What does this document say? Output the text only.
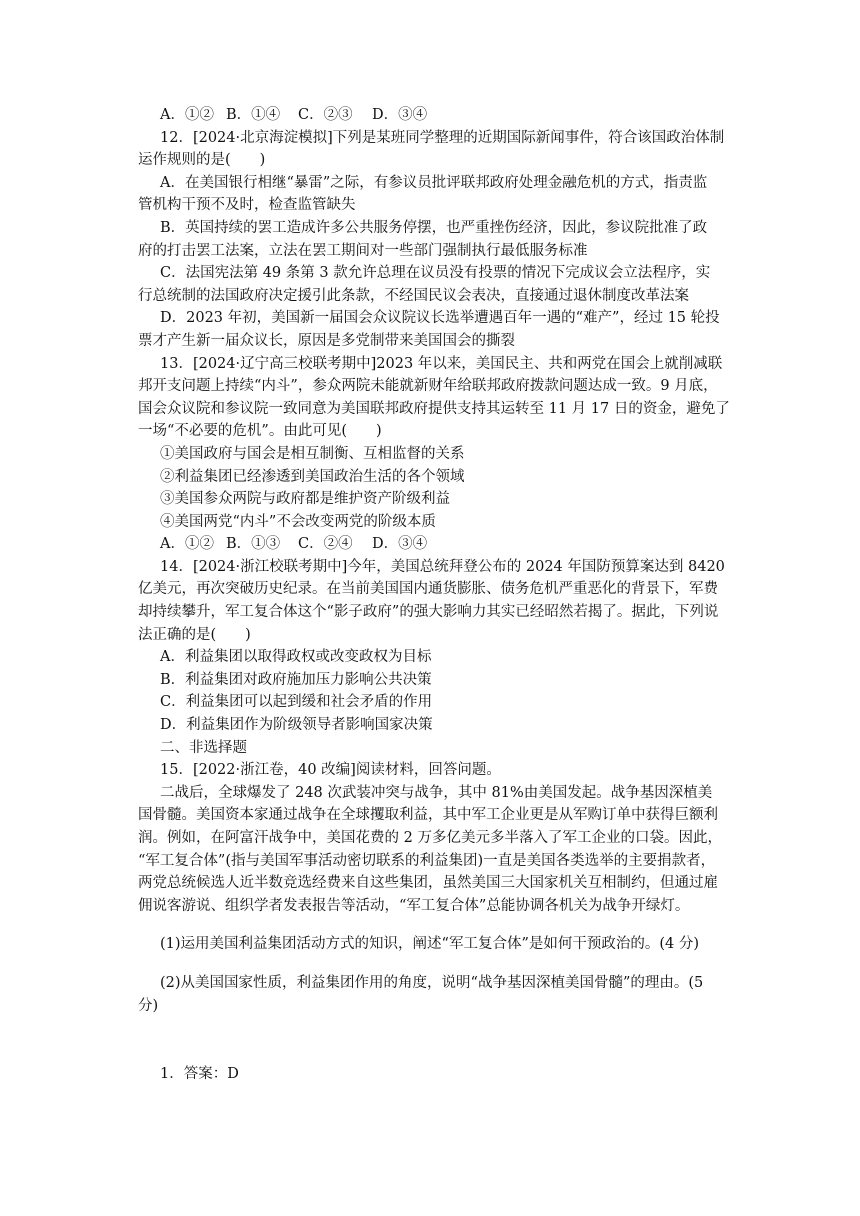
A．①② B．①④ C．②③ D．③④
12．[2024·北京海淀模拟]下列是某班同学整理的近期国际新闻事件，符合该国政治体制
运作规则的是(　　)
A．在美国银行相继“暴雷”之际，有参议员批评联邦政府处理金融危机的方式，指责监
管机构干预不及时，检查监管缺失
B．英国持续的罢工造成许多公共服务停摆，也严重挫伤经济，因此，参议院批准了政
府的打击罢工法案，立法在罢工期间对一些部门强制执行最低服务标准
C．法国宪法第 49 条第 3 款允许总理在议员没有投票的情况下完成议会立法程序，实
行总统制的法国政府决定援引此条款，不经国民议会表决，直接通过退休制度改革法案
D．2023 年初，美国新一届国会众议院议长选举遭遇百年一遇的“难产”，经过 15 轮投
票才产生新一届众议长，原因是多党制带来美国国会的撕裂
13．[2024·辽宁高三校联考期中]2023 年以来，美国民主、共和两党在国会上就削减联
邦开支问题上持续“内斗”，参众两院未能就新财年给联邦政府拨款问题达成一致。9 月底，
国会众议院和参议院一致同意为美国联邦政府提供支持其运转至 11 月 17 日的资金，避免了
一场“不必要的危机”。由此可见(　　)
①美国政府与国会是相互制衡、互相监督的关系
②利益集团已经渗透到美国政治生活的各个领域
③美国参众两院与政府都是维护资产阶级利益
④美国两党“内斗”不会改变两党的阶级本质
A．①② B．①③ C．②④ D．③④
14．[2024·浙江校联考期中]今年，美国总统拜登公布的 2024 年国防预算案达到 8420
亿美元，再次突破历史纪录。在当前美国国内通货膨胀、债务危机严重恶化的背景下，军费
却持续攀升，军工复合体这个“影子政府”的强大影响力其实已经昭然若揭了。据此，下列说
法正确的是(　　)
A．利益集团以取得政权或改变政权为目标
B．利益集团对政府施加压力影响公共决策
C．利益集团可以起到缓和社会矛盾的作用
D．利益集团作为阶级领导者影响国家决策
二、非选择题
15．[2022·浙江卷，40 改编]阅读材料，回答问题。
二战后，全球爆发了 248 次武装冲突与战争，其中 81%由美国发起。战争基因深植美
国骨髓。美国资本家通过战争在全球攫取利益，其中军工企业更是从军购订单中获得巨额利
润。例如，在阿富汗战争中，美国花费的 2 万多亿美元多半落入了军工企业的口袋。因此，
“军工复合体”(指与美国军事活动密切联系的利益集团)一直是美国各类选举的主要捐款者，
两党总统候选人近半数竞选经费来自这些集团，虽然美国三大国家机关互相制约，但通过雇
佣说客游说、组织学者发表报告等活动，“军工复合体”总能协调各机关为战争开绿灯。
(1)运用美国利益集团活动方式的知识，阐述“军工复合体”是如何干预政治的。(4 分)
(2)从美国国家性质，利益集团作用的角度，说明“战争基因深植美国骨髓”的理由。(5
分)
1．答案：D
